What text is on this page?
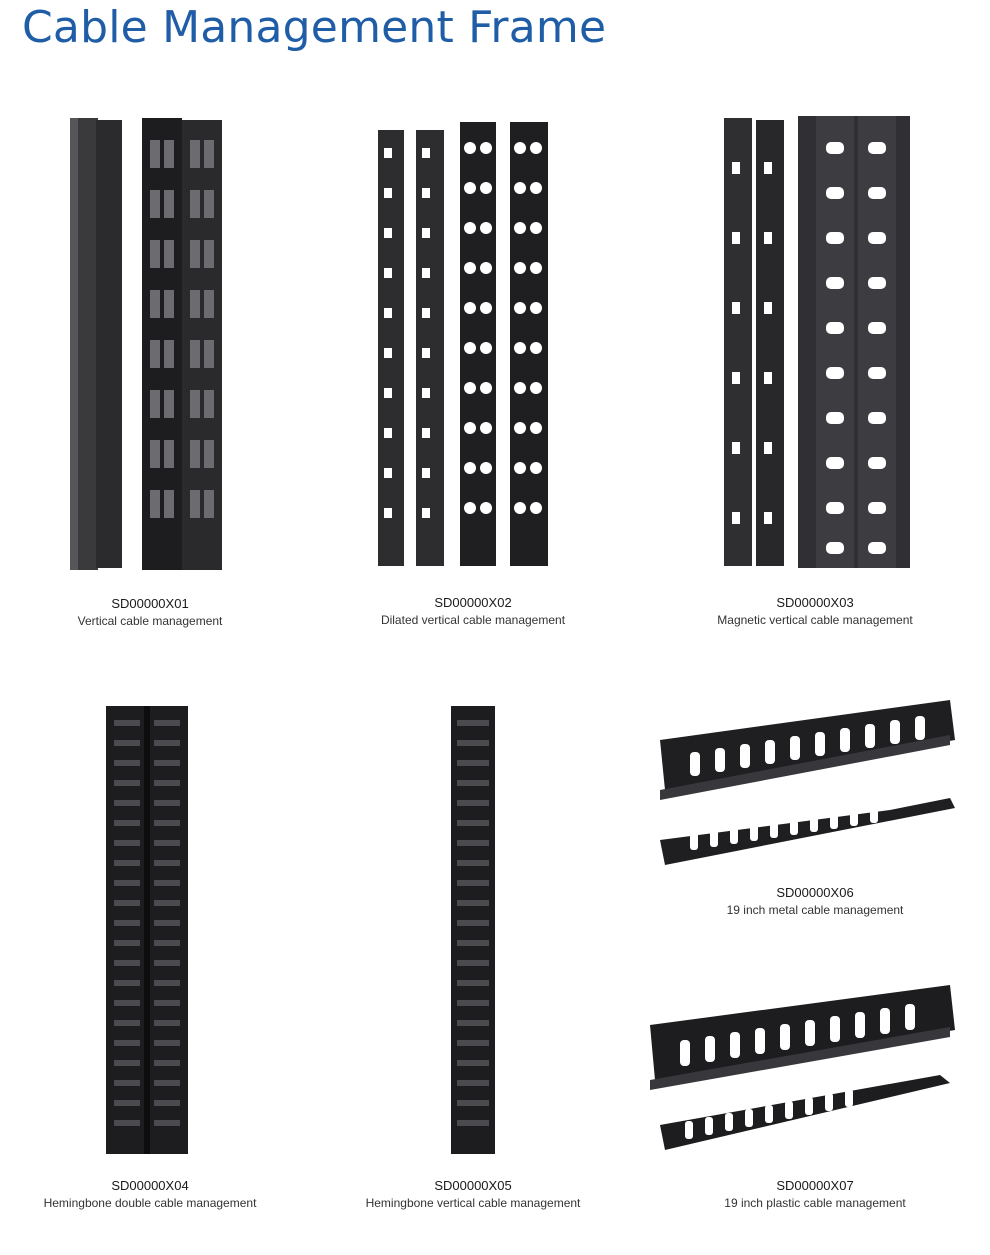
Cable Management Frame
SD00000X01
Vertical cable management
SD00000X02
Dilated vertical cable management
SD00000X03
Magnetic vertical cable management
SD00000X04
Hemingbone double cable management
SD00000X05
Hemingbone vertical cable management
SD00000X06
19 inch metal cable management
SD00000X07
19 inch plastic cable management
